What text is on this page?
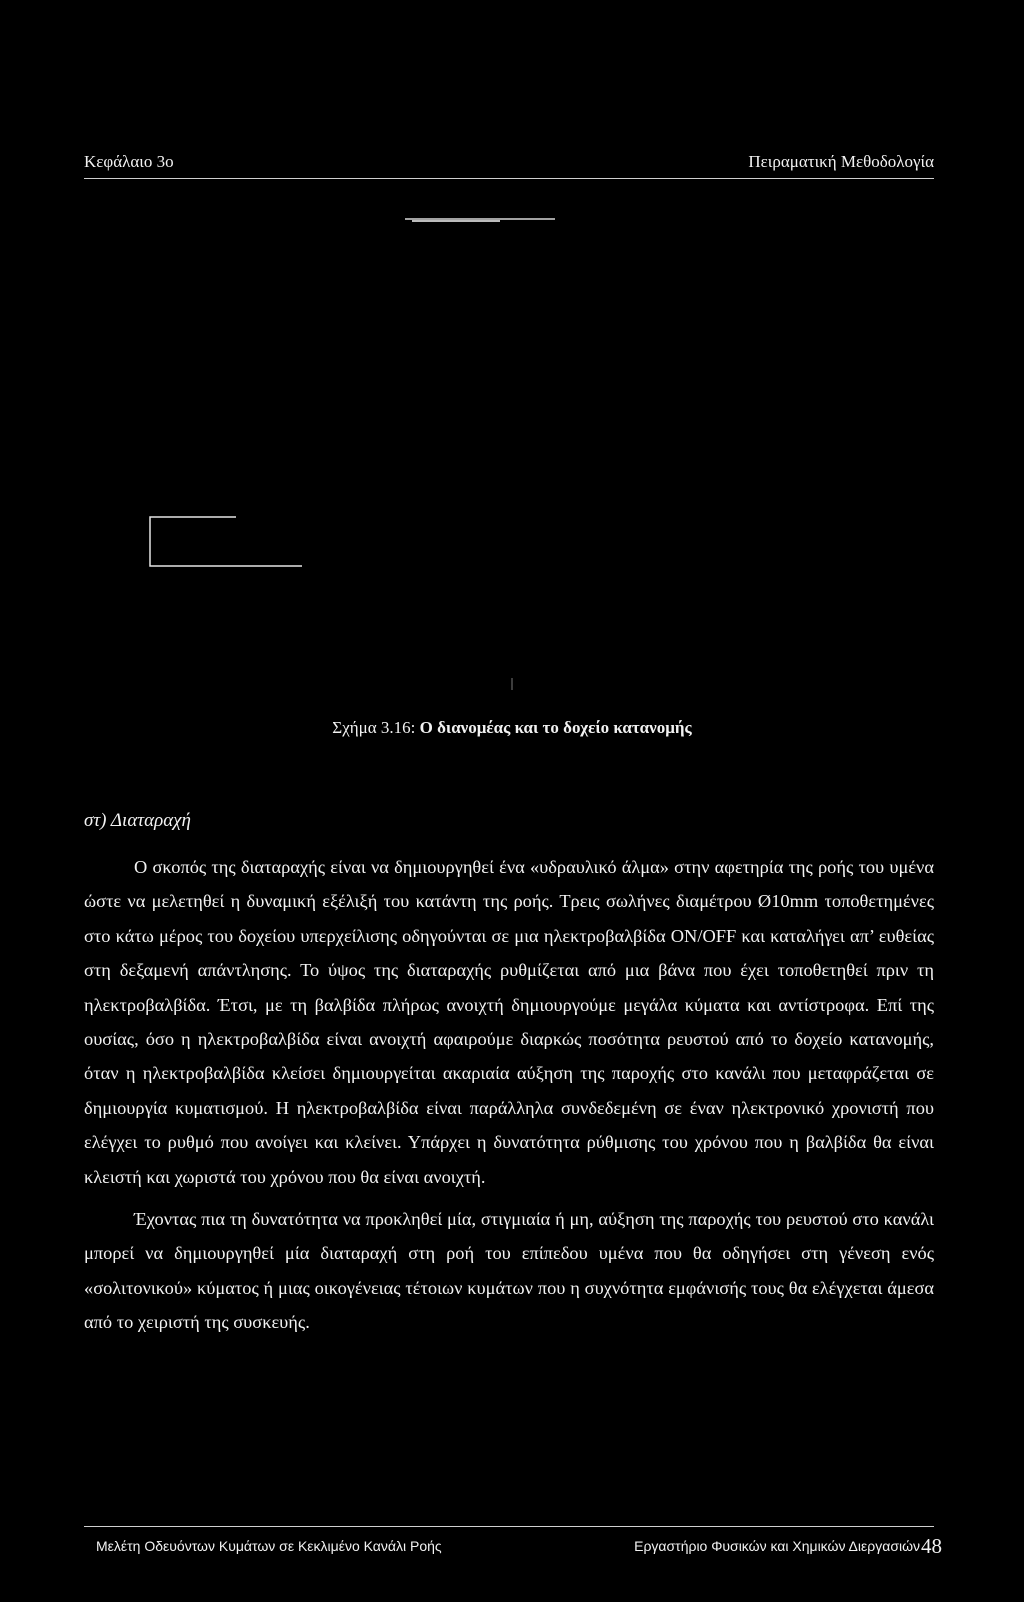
Κεφάλαιο 3ο	Πειραματική Μεθοδολογία
Σχήμα 3.16: Ο διανομέας και το δοχείο κατανομής
στ) Διαταραχή

Ο σκοπός της διαταραχής είναι να δημιουργηθεί ένα «υδραυλικό άλμα» στην αφετηρία της ροής του υμένα ώστε να μελετηθεί η δυναμική εξέλιξή του κατάντη της ροής. Τρεις σωλήνες διαμέτρου Ø10mm τοποθετημένες στο κάτω μέρος του δοχείου υπερχείλισης οδηγούνται σε μια ηλεκτροβαλβίδα ON/OFF και καταλήγει απ’ ευθείας στη δεξαμενή απάντλησης. Το ύψος της διαταραχής ρυθμίζεται από μια βάνα που έχει τοποθετηθεί πριν τη ηλεκτροβαλβίδα. Έτσι, με τη βαλβίδα πλήρως ανοιχτή δημιουργούμε μεγάλα κύματα και αντίστροφα. Επί της ουσίας, όσο η ηλεκτροβαλβίδα είναι ανοιχτή αφαιρούμε διαρκώς ποσότητα ρευστού από το δοχείο κατανομής, όταν η ηλεκτροβαλβίδα κλείσει δημιουργείται ακαριαία αύξηση της παροχής στο κανάλι που μεταφράζεται σε δημιουργία κυματισμού. Η ηλεκτροβαλβίδα είναι παράλληλα συνδεδεμένη σε έναν ηλεκτρονικό χρονιστή που ελέγχει το ρυθμό που ανοίγει και κλείνει. Υπάρχει η δυνατότητα ρύθμισης του χρόνου που η βαλβίδα θα είναι κλειστή και χωριστά του χρόνου που θα είναι ανοιχτή.

Έχοντας πια τη δυνατότητα να προκληθεί μία, στιγμιαία ή μη, αύξηση της παροχής του ρευστού στο κανάλι μπορεί να δημιουργηθεί μία διαταραχή στη ροή του επίπεδου υμένα που θα οδηγήσει στη γένεση ενός «σολιτονικού» κύματος ή μιας οικογένειας τέτοιων κυμάτων που η συχνότητα εμφάνισής τους θα ελέγχεται άμεσα από το χειριστή της συσκευής.

Μελέτη Οδευόντων Κυμάτων σε Κεκλιμένο Κανάλι Ροής	Εργαστήριο Φυσικών και Χημικών Διεργασιών 48
